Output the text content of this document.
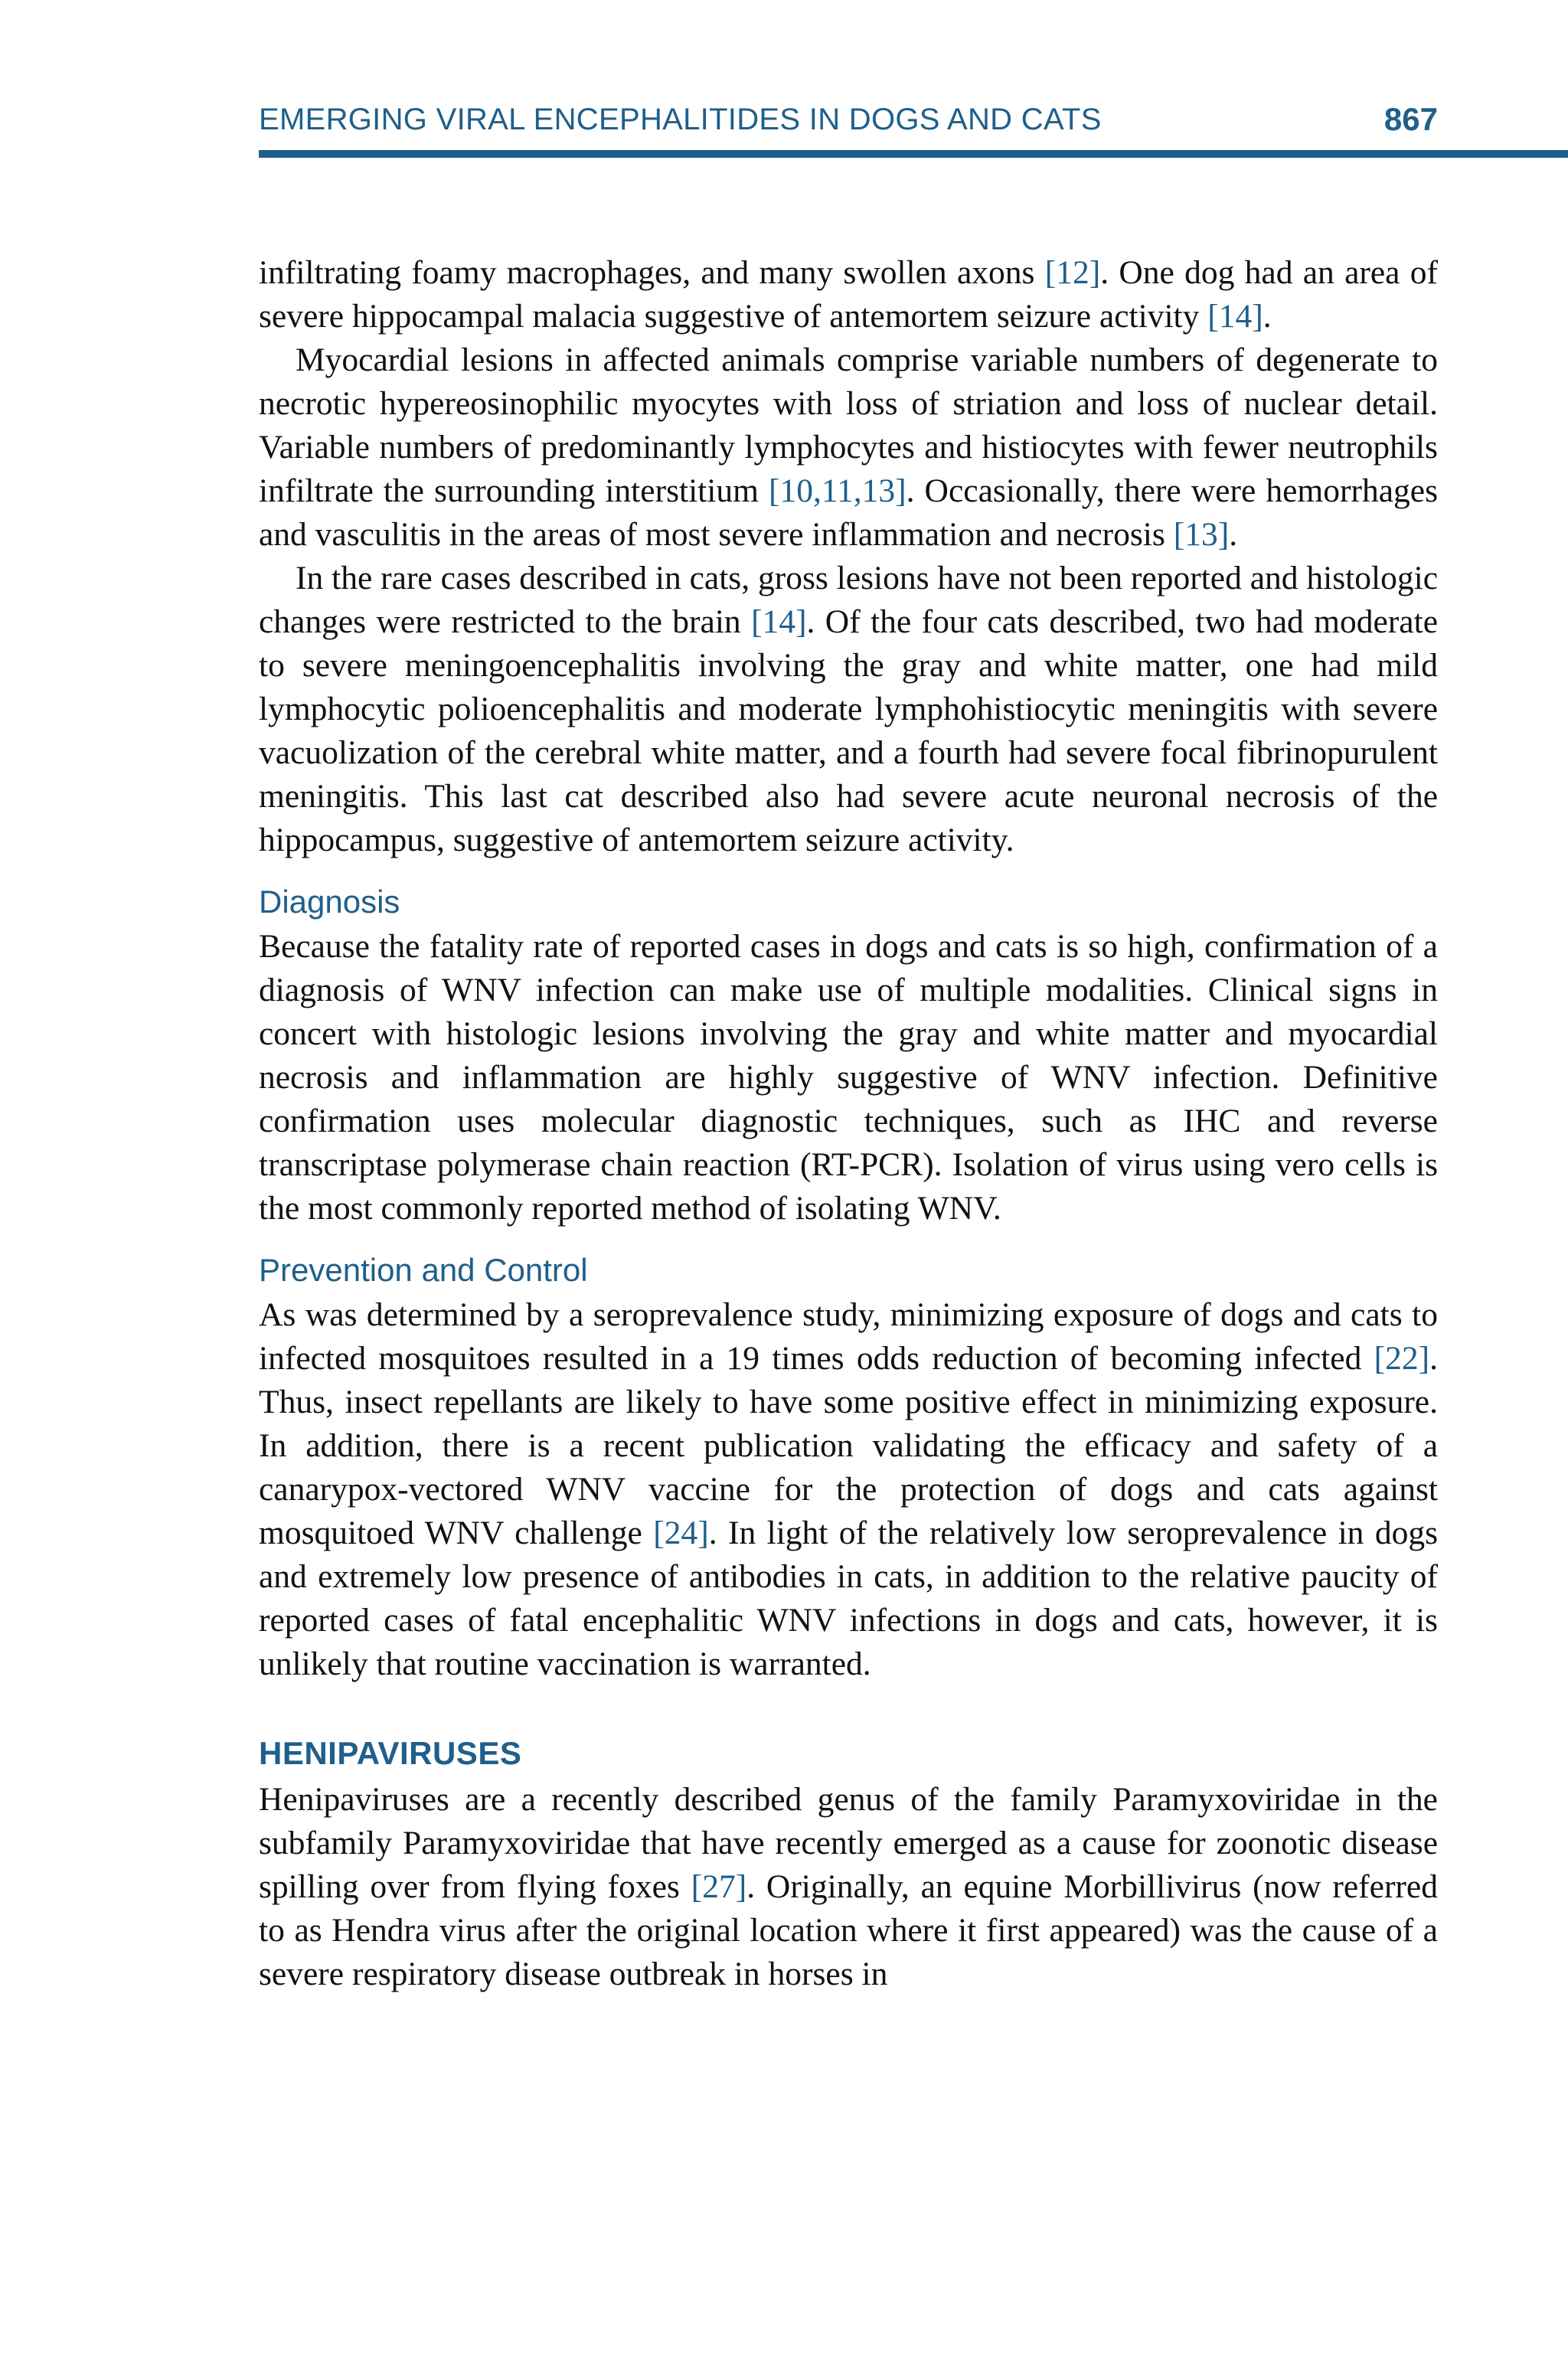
EMERGING VIRAL ENCEPHALITIDES IN DOGS AND CATS	867

infiltrating foamy macrophages, and many swollen axons [12]. One dog had an area of severe hippocampal malacia suggestive of antemortem seizure activity [14].

Myocardial lesions in affected animals comprise variable numbers of degenerate to necrotic hypereosinophilic myocytes with loss of striation and loss of nuclear detail. Variable numbers of predominantly lymphocytes and histiocytes with fewer neutrophils infiltrate the surrounding interstitium [10,11,13]. Occasionally, there were hemorrhages and vasculitis in the areas of most severe inflammation and necrosis [13].

In the rare cases described in cats, gross lesions have not been reported and histologic changes were restricted to the brain [14]. Of the four cats described, two had moderate to severe meningoencephalitis involving the gray and white matter, one had mild lymphocytic polioencephalitis and moderate lymphohistiocytic meningitis with severe vacuolization of the cerebral white matter, and a fourth had severe focal fibrinopurulent meningitis. This last cat described also had severe acute neuronal necrosis of the hippocampus, suggestive of antemortem seizure activity.

Diagnosis

Because the fatality rate of reported cases in dogs and cats is so high, confirmation of a diagnosis of WNV infection can make use of multiple modalities. Clinical signs in concert with histologic lesions involving the gray and white matter and myocardial necrosis and inflammation are highly suggestive of WNV infection. Definitive confirmation uses molecular diagnostic techniques, such as IHC and reverse transcriptase polymerase chain reaction (RT-PCR). Isolation of virus using vero cells is the most commonly reported method of isolating WNV.

Prevention and Control

As was determined by a seroprevalence study, minimizing exposure of dogs and cats to infected mosquitoes resulted in a 19 times odds reduction of becoming infected [22]. Thus, insect repellants are likely to have some positive effect in minimizing exposure. In addition, there is a recent publication validating the efficacy and safety of a canarypox-vectored WNV vaccine for the protection of dogs and cats against mosquitoed WNV challenge [24]. In light of the relatively low seroprevalence in dogs and extremely low presence of antibodies in cats, in addition to the relative paucity of reported cases of fatal encephalitic WNV infections in dogs and cats, however, it is unlikely that routine vaccination is warranted.

HENIPAVIRUSES

Henipaviruses are a recently described genus of the family Paramyxoviridae in the subfamily Paramyxoviridae that have recently emerged as a cause for zoonotic disease spilling over from flying foxes [27]. Originally, an equine Morbillivirus (now referred to as Hendra virus after the original location where it first appeared) was the cause of a severe respiratory disease outbreak in horses in
